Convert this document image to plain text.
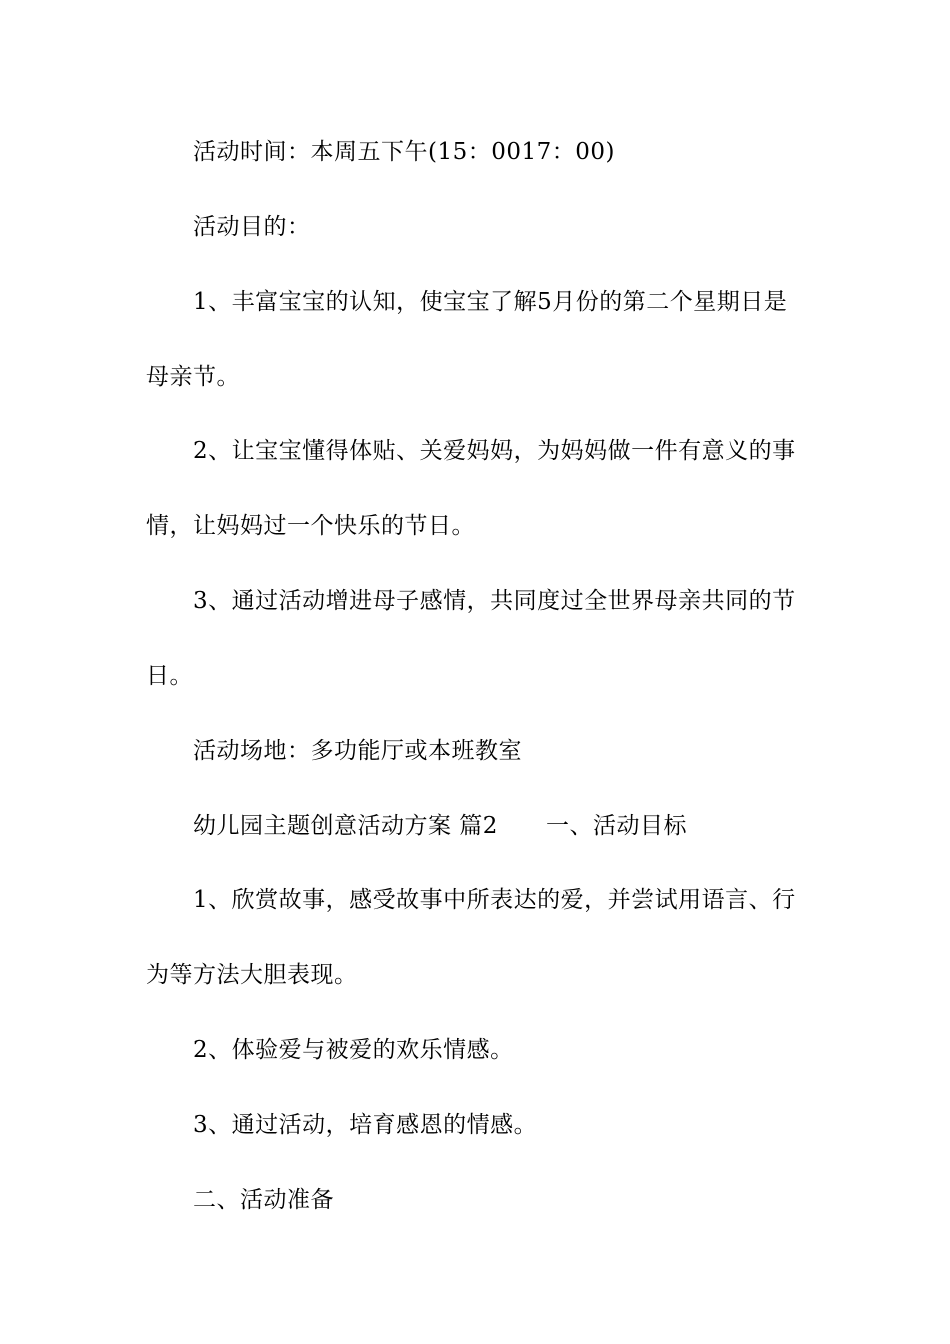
活动时间：本周五下午(15：0017：00)
活动目的：
1、丰富宝宝的认知，使宝宝了解5月份的第二个星期日是
母亲节。
2、让宝宝懂得体贴、关爱妈妈，为妈妈做一件有意义的事
情，让妈妈过一个快乐的节日。
3、通过活动增进母子感情，共同度过全世界母亲共同的节
日。
活动场地：多功能厅或本班教室
幼儿园主题创意活动方案 篇2 一、活动目标
1、欣赏故事，感受故事中所表达的爱，并尝试用语言、行
为等方法大胆表现。
2、体验爱与被爱的欢乐情感。
3、通过活动，培育感恩的情感。
二、活动准备
